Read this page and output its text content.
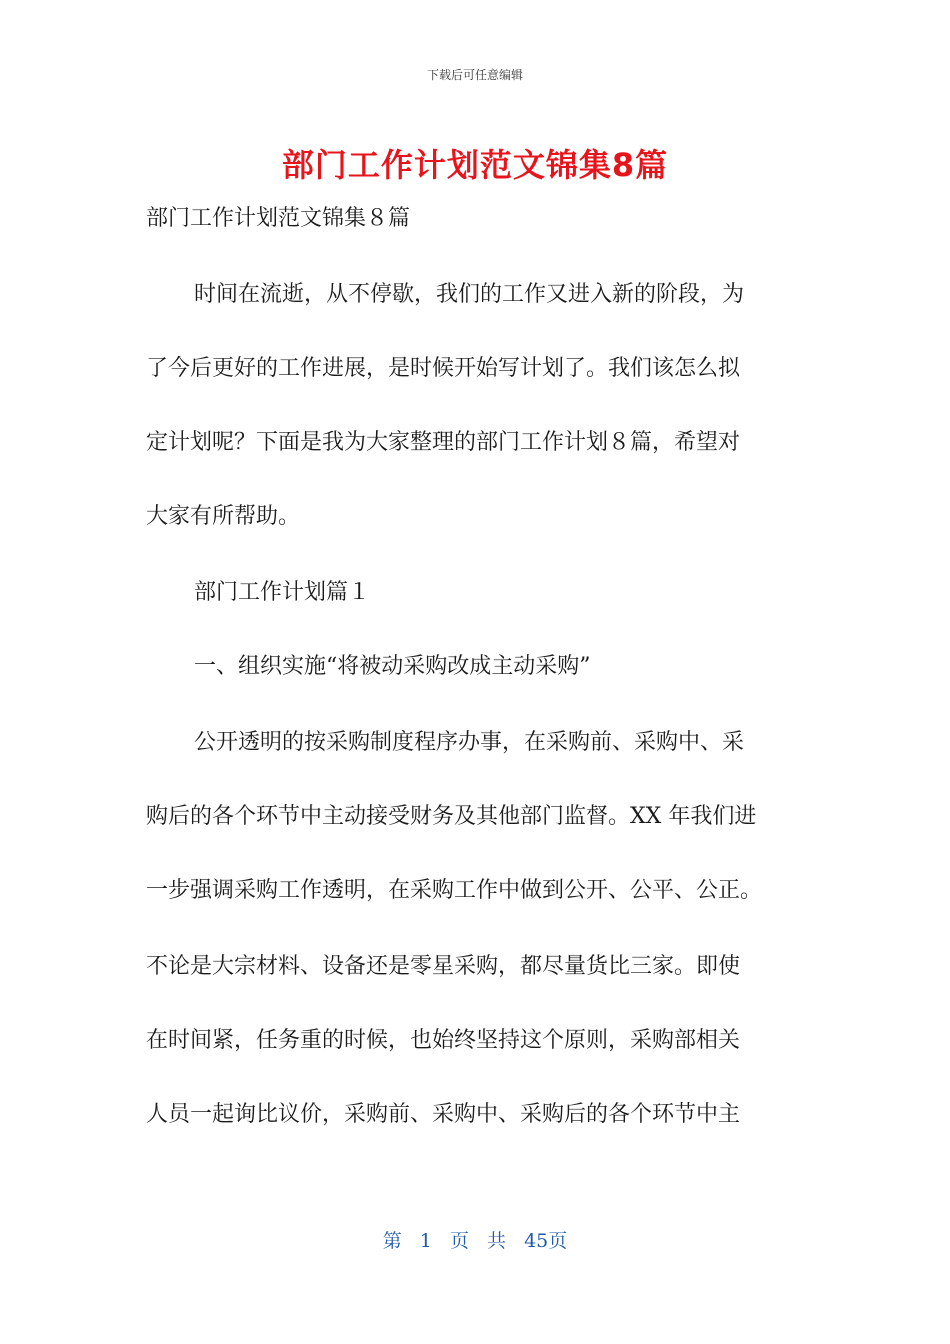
下载后可任意编辑
部门工作计划范文锦集8篇
部门工作计划范文锦集８篇
时间在流逝，从不停歇，我们的工作又进入新的阶段，为
了今后更好的工作进展，是时候开始写计划了。我们该怎么拟
定计划呢？下面是我为大家整理的部门工作计划８篇，希望对
大家有所帮助。
部门工作计划篇１
一、组织实施“将被动采购改成主动采购”
公开透明的按采购制度程序办事，在采购前、采购中、采
购后的各个环节中主动接受财务及其他部门监督。XX 年我们进
一步强调采购工作透明，在采购工作中做到公开、公平、公正。
不论是大宗材料、设备还是零星采购，都尽量货比三家。即使
在时间紧，任务重的时候，也始终坚持这个原则，采购部相关
人员一起询比议价，采购前、采购中、采购后的各个环节中主
第 1 页 共 45页
